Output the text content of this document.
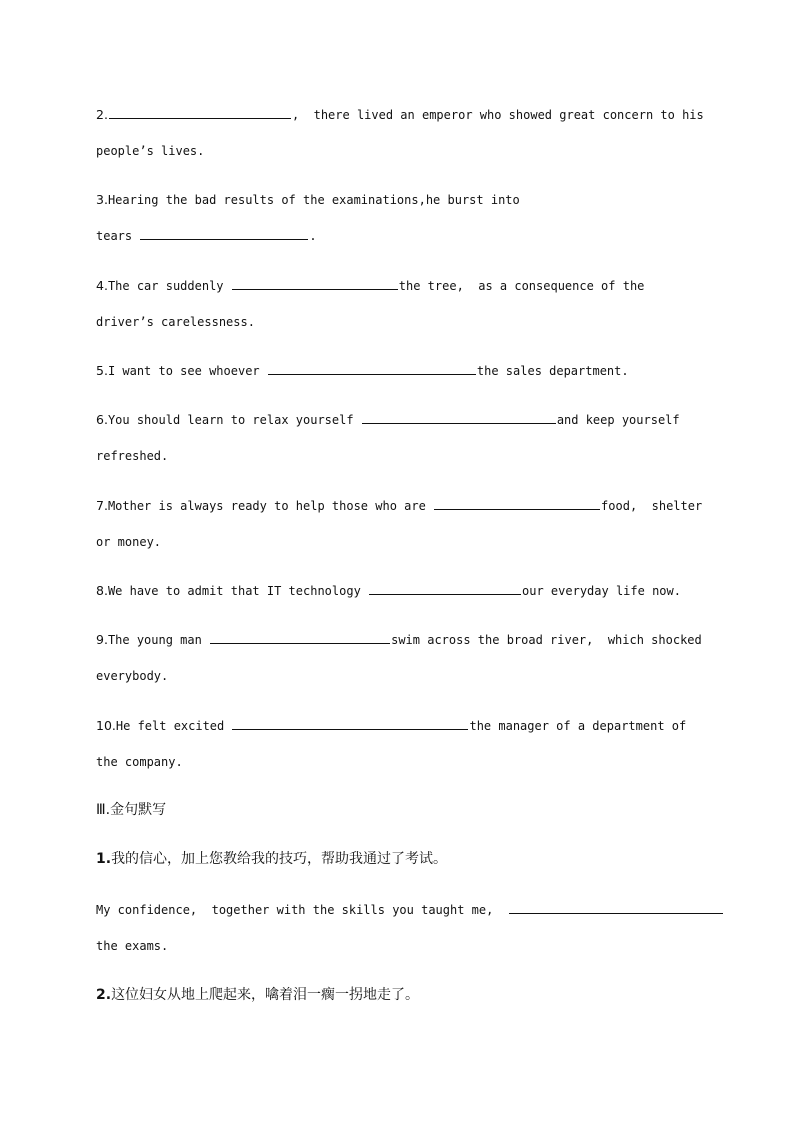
2.	,  there lived an emperor who showed great concern to his
people’s lives.
3.Hearing the bad results of the examinations,he burst into
tears	.
4.The car suddenly	the tree,  as a consequence of the
driver’s carelessness.
5.I want to see whoever	the sales department.
6.You should learn to relax yourself	and keep yourself
refreshed.
7.Mother is always ready to help those who are	food,  shelter
or money.
8.We have to admit that IT technology	our everyday life now.
9.The young man	swim across the broad river,  which shocked
everybody.
10.He felt excited	the manager of a department of
the company.
Ⅲ.金句默写
1.我的信心，加上您教给我的技巧，帮助我通过了考试。
My confidence,  together with the skills you taught me,
the exams.
2.这位妇女从地上爬起来，噙着泪一瘸一拐地走了。
